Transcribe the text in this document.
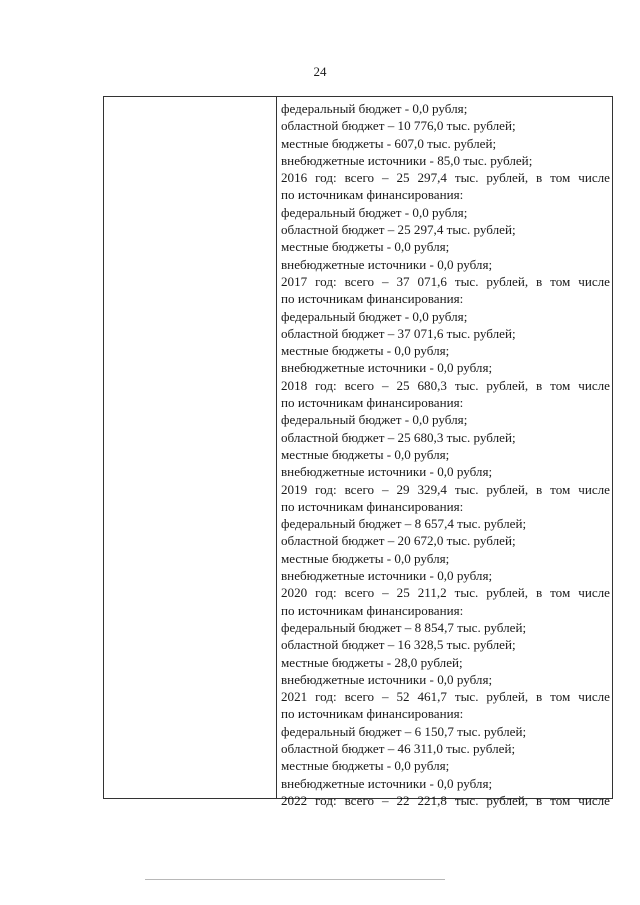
24
федеральный бюджет - 0,0 рубля;
областной бюджет – 10 776,0 тыс. рублей;
местные бюджеты - 607,0 тыс. рублей;
внебюджетные источники - 85,0 тыс. рублей;
2016 год: всего – 25 297,4 тыс. рублей, в том числе
по источникам финансирования:
федеральный бюджет - 0,0 рубля;
областной бюджет – 25 297,4 тыс. рублей;
местные бюджеты - 0,0 рубля;
внебюджетные источники - 0,0 рубля;
2017 год: всего – 37 071,6 тыс. рублей, в том числе
по источникам финансирования:
федеральный бюджет - 0,0 рубля;
областной бюджет – 37 071,6 тыс. рублей;
местные бюджеты - 0,0 рубля;
внебюджетные источники - 0,0 рубля;
2018 год: всего – 25 680,3 тыс. рублей, в том числе
по источникам финансирования:
федеральный бюджет - 0,0 рубля;
областной бюджет – 25 680,3 тыс. рублей;
местные бюджеты - 0,0 рубля;
внебюджетные источники - 0,0 рубля;
2019 год: всего – 29 329,4 тыс. рублей, в том числе
по источникам финансирования:
федеральный бюджет – 8 657,4 тыс. рублей;
областной бюджет – 20 672,0 тыс. рублей;
местные бюджеты - 0,0 рубля;
внебюджетные источники - 0,0 рубля;
2020 год: всего – 25 211,2 тыс. рублей, в том числе
по источникам финансирования:
федеральный бюджет – 8 854,7 тыс. рублей;
областной бюджет – 16 328,5 тыс. рублей;
местные бюджеты - 28,0 рублей;
внебюджетные источники - 0,0 рубля;
2021 год: всего – 52 461,7 тыс. рублей, в том числе
по источникам финансирования:
федеральный бюджет – 6 150,7 тыс. рублей;
областной бюджет – 46 311,0 тыс. рублей;
местные бюджеты - 0,0 рубля;
внебюджетные источники - 0,0 рубля;
2022 год: всего – 22 221,8 тыс. рублей, в том числе
